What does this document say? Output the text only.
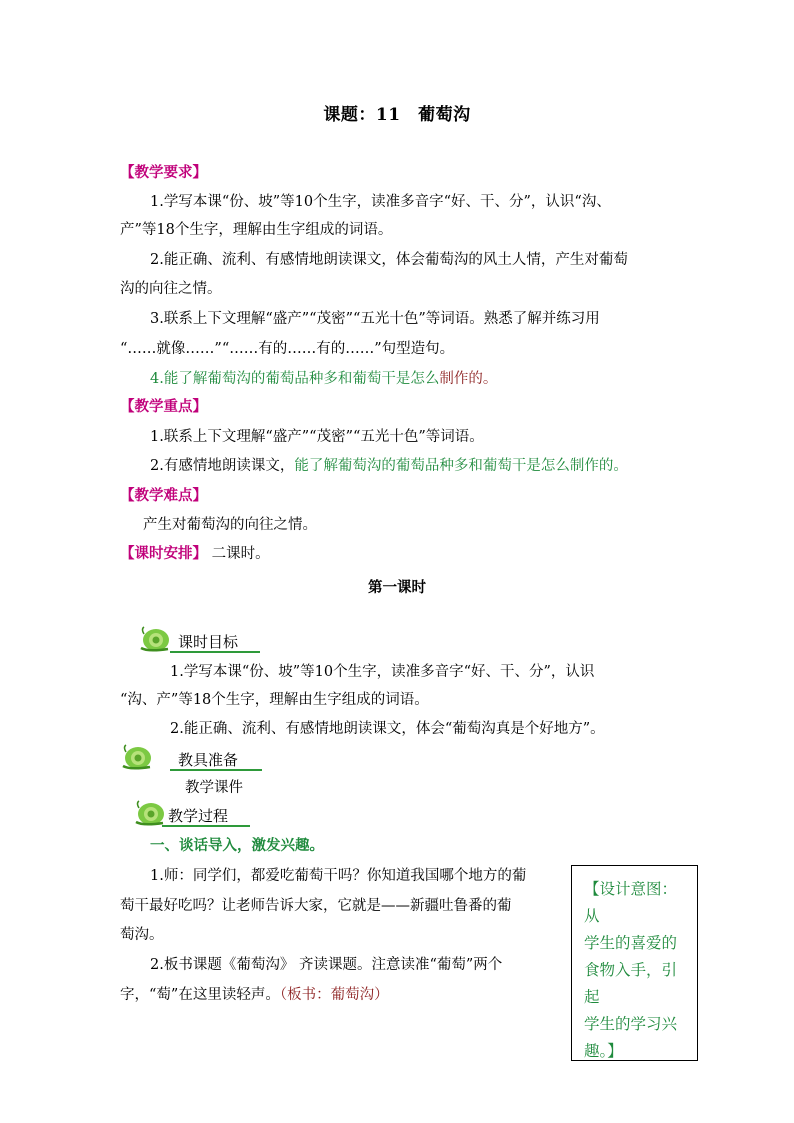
课题：11　葡萄沟
【教学要求】
1.学写本课“份、坡”等10个生字，读准多音字“好、干、分”，认识“沟、
产”等18个生字，理解由生字组成的词语。
2.能正确、流利、有感情地朗读课文，体会葡萄沟的风土人情，产生对葡萄
沟的向往之情。
3.联系上下文理解“盛产”“茂密”“五光十色”等词语。熟悉了解并练习用
“……就像……”“……有的……有的……”句型造句。
4.能了解葡萄沟的葡萄品种多和葡萄干是怎么制作的。
【教学重点】
1.联系上下文理解“盛产”“茂密”“五光十色”等词语。
2.有感情地朗读课文，能了解葡萄沟的葡萄品种多和葡萄干是怎么制作的。
【教学难点】
产生对葡萄沟的向往之情。
【课时安排】 二课时。
第一课时
课时目标
1.学写本课“份、坡”等10个生字，读准多音字“好、干、分”，认识
“沟、产”等18个生字，理解由生字组成的词语。
2.能正确、流利、有感情地朗读课文，体会“葡萄沟真是个好地方”。
教具准备
教学课件
教学过程
一、谈话导入，激发兴趣。
1.师：同学们，都爱吃葡萄干吗？你知道我国哪个地方的葡
萄干最好吃吗？让老师告诉大家，它就是——新疆吐鲁番的葡
萄沟。
2.板书课题《葡萄沟》 齐读课题。注意读准“葡萄”两个
字，“萄”在这里读轻声。（板书：葡萄沟）
【设计意图：从
学生的喜爱的
食物入手，引起
学生的学习兴
趣。】
